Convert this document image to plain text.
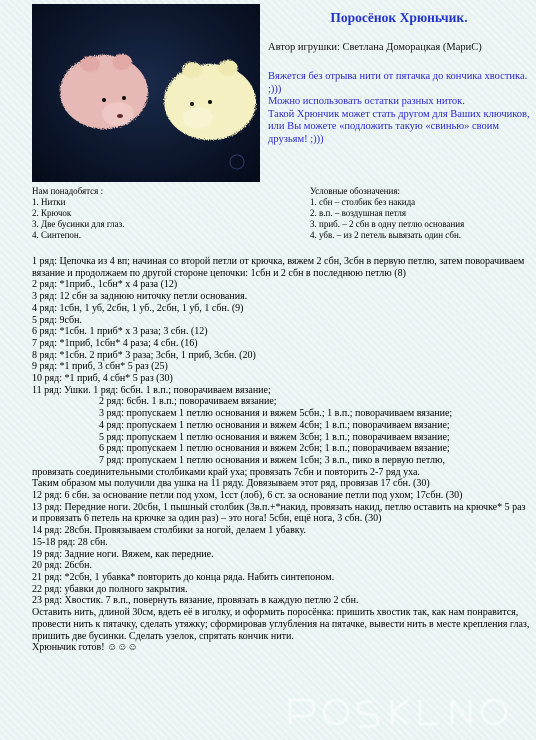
Поросёнок Хрюньчик.
Автор игрушки: Светлана Доморацкая (МариС)

Вяжется без отрыва нити от пятачка до кончика хвостика. ;)))

Можно использовать остатки разных ниток.

Такой Хрюнчик может стать другом для Ваших ключиков, или Вы можете «подложить такую «свинью» своим друзьям! ;)))

Нам понадобятся :
1. Нитки
2. Крючок
3. Две бусинки для глаз.
4. Синтепон.
Условные обозначения:
1. сбн – столбик без накида
2. в.п. – воздушная петля
3. приб. – 2 сбн в одну петлю основания
4. убв. – из 2 петель вывязать один сбн.
1 ряд: Цепочка из 4 вп; начиная со второй петли от крючка, вяжем 2 сбн, 3сбн в первую петлю, затем поворачиваем вязание и продолжаем по другой стороне цепочки: 1сбн и 2 сбн в последнюю петлю (8)
2 ряд: *1приб., 1сбн* х 4 раза (12)
3 ряд: 12 сбн за заднюю ниточку петли основания.
4 ряд: 1сбн, 1 уб, 2сбн, 1 уб., 2сбн, 1 уб, 1 сбн. (9)
5 ряд: 9сбн.
6 ряд: *1сбн. 1 приб* х 3 раза; 3 сбн. (12)
7 ряд: *1приб, 1сбн* 4 раза; 4 сбн. (16)
8 ряд: *1сбн. 2 приб* 3 раза; 3сбн, 1 приб, 3сбн. (20)
9 ряд: *1 приб, 3 сбн* 5 раз (25)
10 ряд: *1 приб, 4 сбн* 5 раз (30)
11 ряд: Ушки. 1 ряд: 6сбн. 1 в.п.; поворачиваем вязание;
2 ряд: 6сбн. 1 в.п.; поворачиваем вязание;
3 ряд: пропускаем 1 петлю основания и вяжем 5сбн.; 1 в.п.; поворачиваем вязание;
4 ряд: пропускаем 1 петлю основания и вяжем 4сбн; 1 в.п.; поворачиваем вязание;
5 ряд: пропускаем 1 петлю основания и вяжем 3сбн; 1 в.п.; поворачиваем вязание;
6 ряд: пропускаем 1 петлю основания и вяжем 2сбн; 1 в.п.; поворачиваем вязание;
7 ряд: пропускаем 1 петлю основания и вяжем 1сбн; 3 в.п., пико в первую петлю,
провязать соединительными столбиками край уха; провязать 7сбн и повторить 2-7 ряд уха.
Таким образом мы получили два ушка на 11 ряду. Довязываем этот ряд, провязав 17 сбн. (30)
12 ряд: 6 сбн. за основание петли под ухом, 1сст (лоб), 6 ст. за основание петли под ухом; 17сбн. (30)
13 ряд: Передние ноги. 20сбн, 1 пышный столбик (3в.п.+*накид, провязать накид, петлю оставить на крючке* 5 раз и провязать 6 петель на крючке за один раз) – это нога! 5сбн, ещё нога, 3 сбн. (30)
14 ряд: 28сбн. Провязываем столбики за ногой, делаем 1 убавку.
15-18 ряд: 28 сбн.
19 ряд: Задние ноги. Вяжем, как передние.
20 ряд: 26сбн.
21 ряд: *2сбн, 1 убавка* повторить до конца ряда. Набить синтепоном.
22 ряд: убавки до полного закрытия.
23 ряд: Хвостик. 7 в.п., повернуть вязание, провязать в каждую петлю 2 сбн.
Оставить нить, длиной 30см, вдеть её в иголку, и оформить поросёнка: пришить хвостик так, как нам понравится, провести нить к пятачку, сделать утяжку; сформировав углубления на пятачке, вывести нить в месте крепления глаз, пришить две бусинки. Сделать узелок, спрятать кончик нити.
Хрюньчик готов! ☺☺☺
